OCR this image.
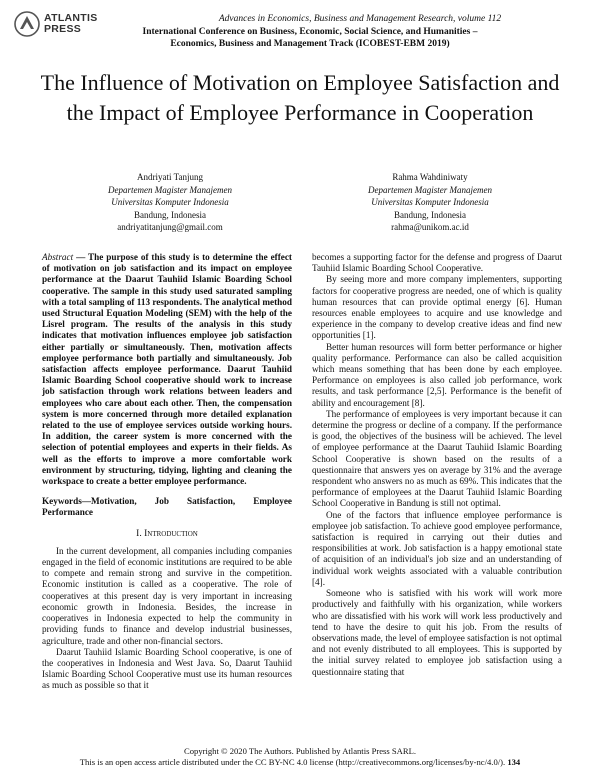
ATLANTIS
PRESS
Advances in Economics, Business and Management Research, volume 112
International Conference on Business, Economic, Social Science, and Humanities –
Economics, Business and Management Track (ICOBEST-EBM 2019)
The Influence of Motivation on Employee Satisfaction and the Impact of Employee Performance in Cooperation
Andriyati Tanjung
Departemen Magister Manajemen
Universitas Komputer Indonesia
Bandung, Indonesia
andriyatitanjung@gmail.com
Rahma Wahdiniwaty
Departemen Magister Manajemen
Universitas Komputer Indonesia
Bandung, Indonesia
rahma@unikom.ac.id

Abstract — The purpose of this study is to determine the effect of motivation on job satisfaction and its impact on employee performance at the Daarut Tauhiid Islamic Boarding School cooperative. The sample in this study used saturated sampling with a total sampling of 113 respondents. The analytical method used Structural Equation Modeling (SEM) with the help of the Lisrel program. The results of the analysis in this study indicates that motivation influences employee job satisfaction either partially or simultaneously. Then, motivation affects employee performance both partially and simultaneously. Job satisfaction affects employee performance. Daarut Tauhiid Islamic Boarding School cooperative should work to increase job satisfaction through work relations between leaders and employees who care about each other. Then, the compensation system is more concerned through more detailed explanation related to the use of employee services outside working hours. In addition, the career system is more concerned with the selection of potential employees and experts in their fields. As well as the efforts to improve a more comfortable work environment by structuring, tidying, lighting and cleaning the workspace to create a better employee performance.

Keywords—Motivation, Job Satisfaction, Employee Performance

I. Introduction

In the current development, all companies including companies engaged in the field of economic institutions are required to be able to compete and remain strong and survive in the competition. Economic institution is called as a cooperative. The role of cooperatives at this present day is very important in increasing economic growth in Indonesia. Besides, the increase in cooperatives in Indonesia expected to help the community in providing funds to finance and develop industrial businesses, agriculture, trade and other non-financial sectors.

Daarut Tauhiid Islamic Boarding School cooperative, is one of the cooperatives in Indonesia and West Java. So, Daarut Tauhiid Islamic Boarding School Cooperative must use its human resources as much as possible so that it

becomes a supporting factor for the defense and progress of Daarut Tauhiid Islamic Boarding School Cooperative.

By seeing more and more company implementers, supporting factors for cooperative progress are needed, one of which is quality human resources that can provide optimal energy [6]. Human resources enable employees to acquire and use knowledge and experience in the company to develop creative ideas and find new opportunities [1].

Better human resources will form better performance or higher quality performance. Performance can also be called acquisition which means something that has been done by each employee. Performance on employees is also called job performance, work results, and task performance [2,5]. Performance is the benefit of ability and encouragement [8].

The performance of employees is very important because it can determine the progress or decline of a company. If the performance is good, the objectives of the business will be achieved. The level of employee performance at the Daarut Tauhiid Islamic Boarding School Cooperative is shown based on the results of a questionnaire that answers yes on average by 31% and the average respondent who answers no as much as 69%. This indicates that the performance of employees at the Daarut Tauhiid Islamic Boarding School Cooperative in Bandung is still not optimal.

One of the factors that influence employee performance is employee job satisfaction. To achieve good employee performance, satisfaction is required in carrying out their duties and responsibilities at work. Job satisfaction is a happy emotional state of acquisition of an individual's job size and an understanding of individual work weights associated with a valuable contribution [4].

Someone who is satisfied with his work will work more productively and faithfully with his organization, while workers who are dissatisfied with his work will work less productively and tend to have the desire to quit his job. From the results of observations made, the level of employee satisfaction is not optimal and not evenly distributed to all employees. This is supported by the initial survey related to employee job satisfaction using a questionnaire stating that

Copyright © 2020 The Authors. Published by Atlantis Press SARL.
This is an open access article distributed under the CC BY-NC 4.0 license (http://creativecommons.org/licenses/by-nc/4.0/). 134
